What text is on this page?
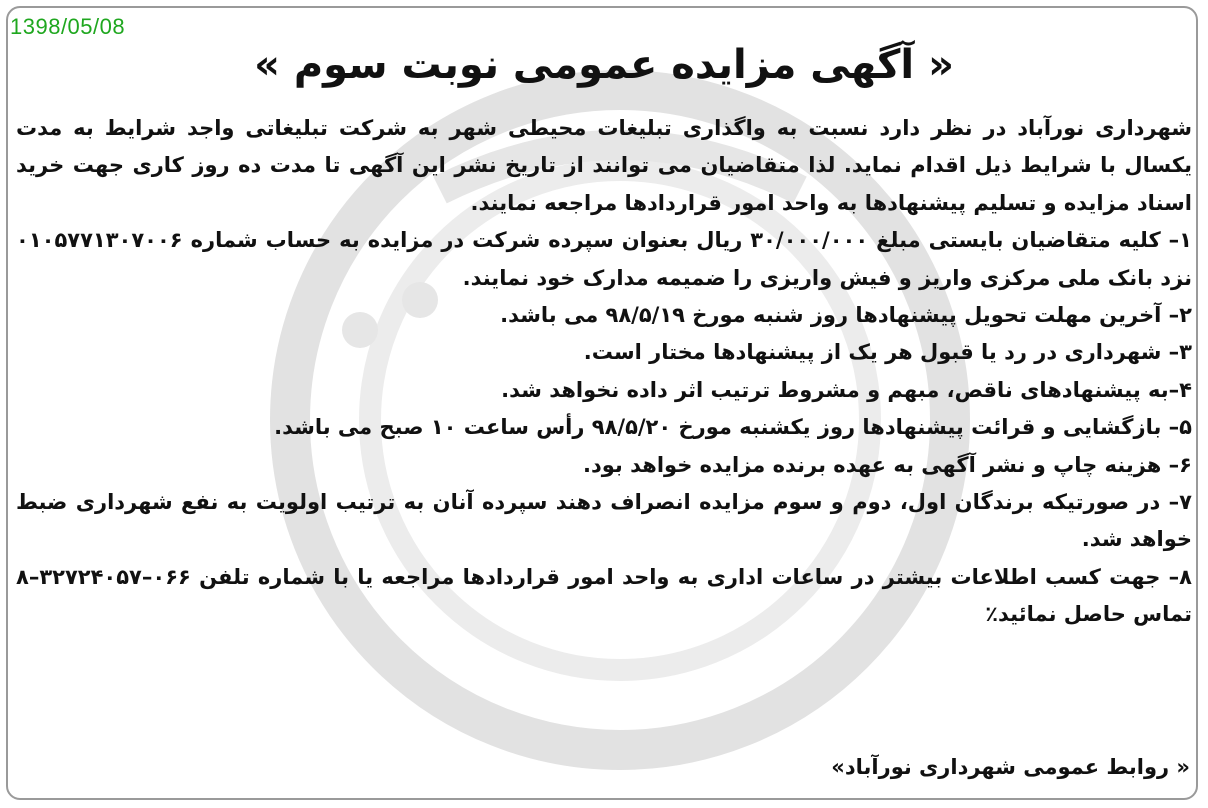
1398/05/08
« آگهی مزایده عمومی نوبت سوم »

شهرداری نورآباد در نظر دارد نسبت به واگذاری تبلیغات محیطی شهر به شرکت تبلیغاتی واجد شرایط به مدت یکسال با شرایط ذیل اقدام نماید. لذا متقاضیان می توانند از تاریخ نشر این آگهی تا مدت ده روز کاری جهت خرید اسناد مزایده و تسلیم پیشنهادها به واحد امور قراردادها مراجعه نمایند.

۱– کلیه متقاضیان بایستی مبلغ ۳۰/۰۰۰/۰۰۰ ریال بعنوان سپرده شرکت در مزایده به حساب شماره ۰۱۰۵۷۷۱۳۰۷۰۰۶ نزد بانک ملی مرکزی واریز و فیش واریزی را ضمیمه مدارک خود نمایند.

۲– آخرین مهلت تحویل پیشنهادها روز شنبه مورخ ۹۸/۵/۱۹ می باشد.

۳– شهرداری در رد یا قبول هر یک از پیشنهادها مختار است.

۴–به پیشنهادهای ناقص، مبهم و مشروط ترتیب اثر داده نخواهد شد.

۵– بازگشایی و قرائت پیشنهادها روز یکشنبه مورخ ۹۸/۵/۲۰ رأس ساعت ۱۰ صبح می باشد.

۶– هزینه چاپ و نشر آگهی به عهده برنده مزایده خواهد بود.

۷– در صورتیکه برندگان اول، دوم و سوم مزایده انصراف دهند سپرده آنان به ترتیب اولویت به نفع شهرداری ضبط خواهد شد.

۸– جهت کسب اطلاعات بیشتر در ساعات اداری به واحد امور قراردادها مراجعه یا با شماره تلفن ۰۶۶–۳۲۷۲۴۰۵۷–۸ تماس حاصل نمائید٪

« روابط عمومی شهرداری نورآباد»
